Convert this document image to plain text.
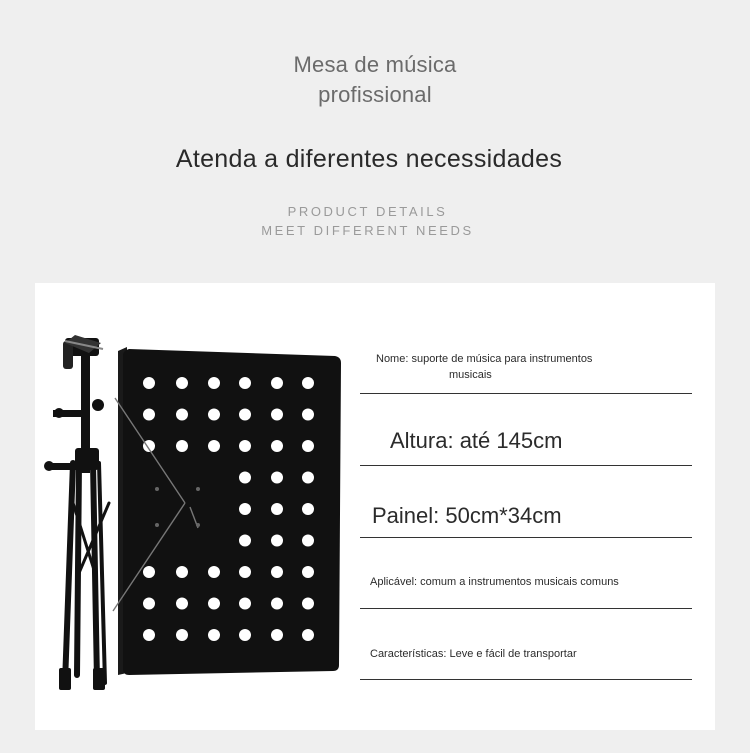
Mesa de música
profissional
Atenda a diferentes necessidades
PRODUCT DETAILS
MEET DIFFERENT NEEDS
Nome: suporte de música para instrumentos
musicais
Altura: até 145cm
Painel: 50cm*34cm
Aplicável: comum a instrumentos musicais comuns
Características: Leve e fácil de transportar
